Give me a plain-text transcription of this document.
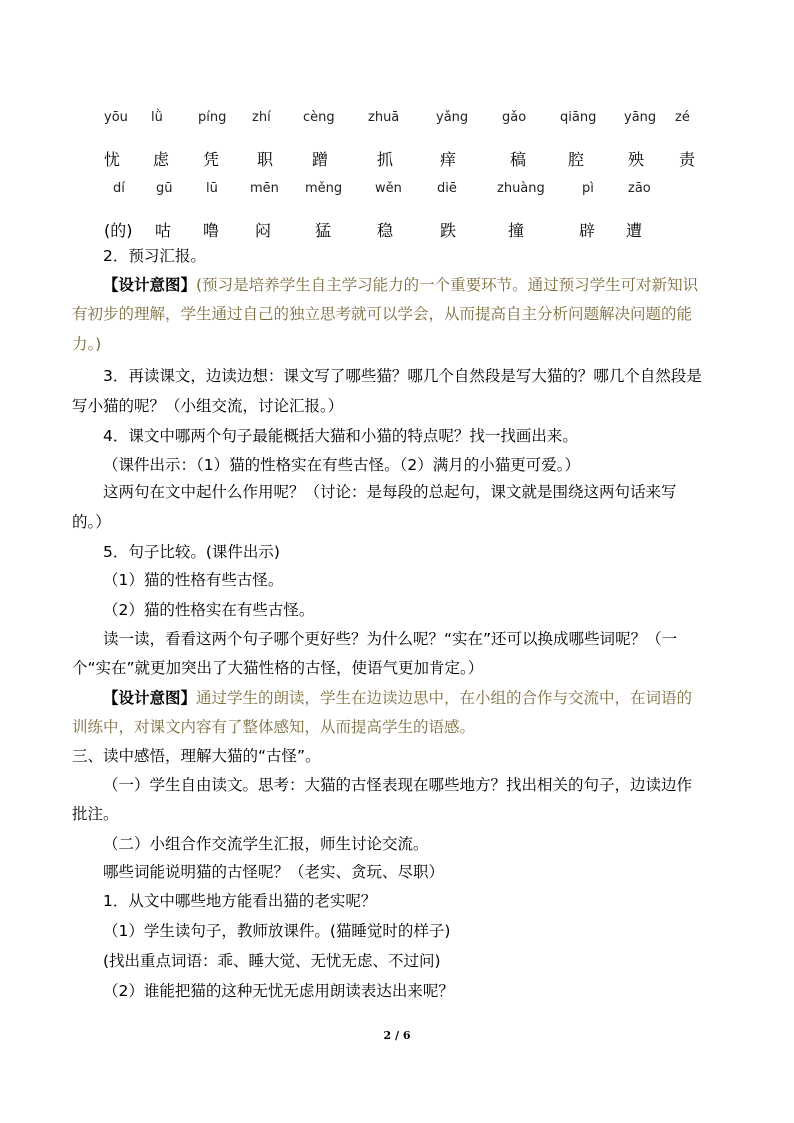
yōu lǜ	píng zhí cèng	zhuā	yǎng	gǎo	qiāng yāng zé
忧 虑 凭 职 蹭	抓	痒	稿	腔	殃 责
dí gū	lū mēn měng	wěn	diē	zhuàng	pì	zāo
(的) 咕 噜 闷	猛	稳	跌	撞	辟 遭
2．预习汇报。
【设计意图】(预习是培养学生自主学习能力的一个重要环节。通过预习学生可对新知识
有初步的理解，学生通过自己的独立思考就可以学会，从而提高自主分析问题解决问题的能
力。)
3．再读课文，边读边想：课文写了哪些猫？哪几个自然段是写大猫的？哪几个自然段是
写小猫的呢？（小组交流，讨论汇报。）
4．课文中哪两个句子最能概括大猫和小猫的特点呢？找一找画出来。
（课件出示：（1）猫的性格实在有些古怪。（2）满月的小猫更可爱。）
这两句在文中起什么作用呢？（讨论：是每段的总起句，课文就是围绕这两句话来写
的。）
5．句子比较。(课件出示)
（1）猫的性格有些古怪。
（2）猫的性格实在有些古怪。
读一读，看看这两个句子哪个更好些？为什么呢？“实在”还可以换成哪些词呢？（一
个“实在”就更加突出了大猫性格的古怪，使语气更加肯定。）
【设计意图】通过学生的朗读，学生在边读边思中，在小组的合作与交流中，在词语的
训练中，对课文内容有了整体感知，从而提高学生的语感。
三、读中感悟，理解大猫的“古怪”。
（一）学生自由读文。思考：大猫的古怪表现在哪些地方？找出相关的句子，边读边作
批注。
（二）小组合作交流学生汇报，师生讨论交流。
哪些词能说明猫的古怪呢？（老实、贪玩、尽职）
1．从文中哪些地方能看出猫的老实呢？
（1）学生读句子，教师放课件。(猫睡觉时的样子)
(找出重点词语：乖、睡大觉、无忧无虑、不过问)
（2）谁能把猫的这种无忧无虑用朗读表达出来呢？
2 / 6
